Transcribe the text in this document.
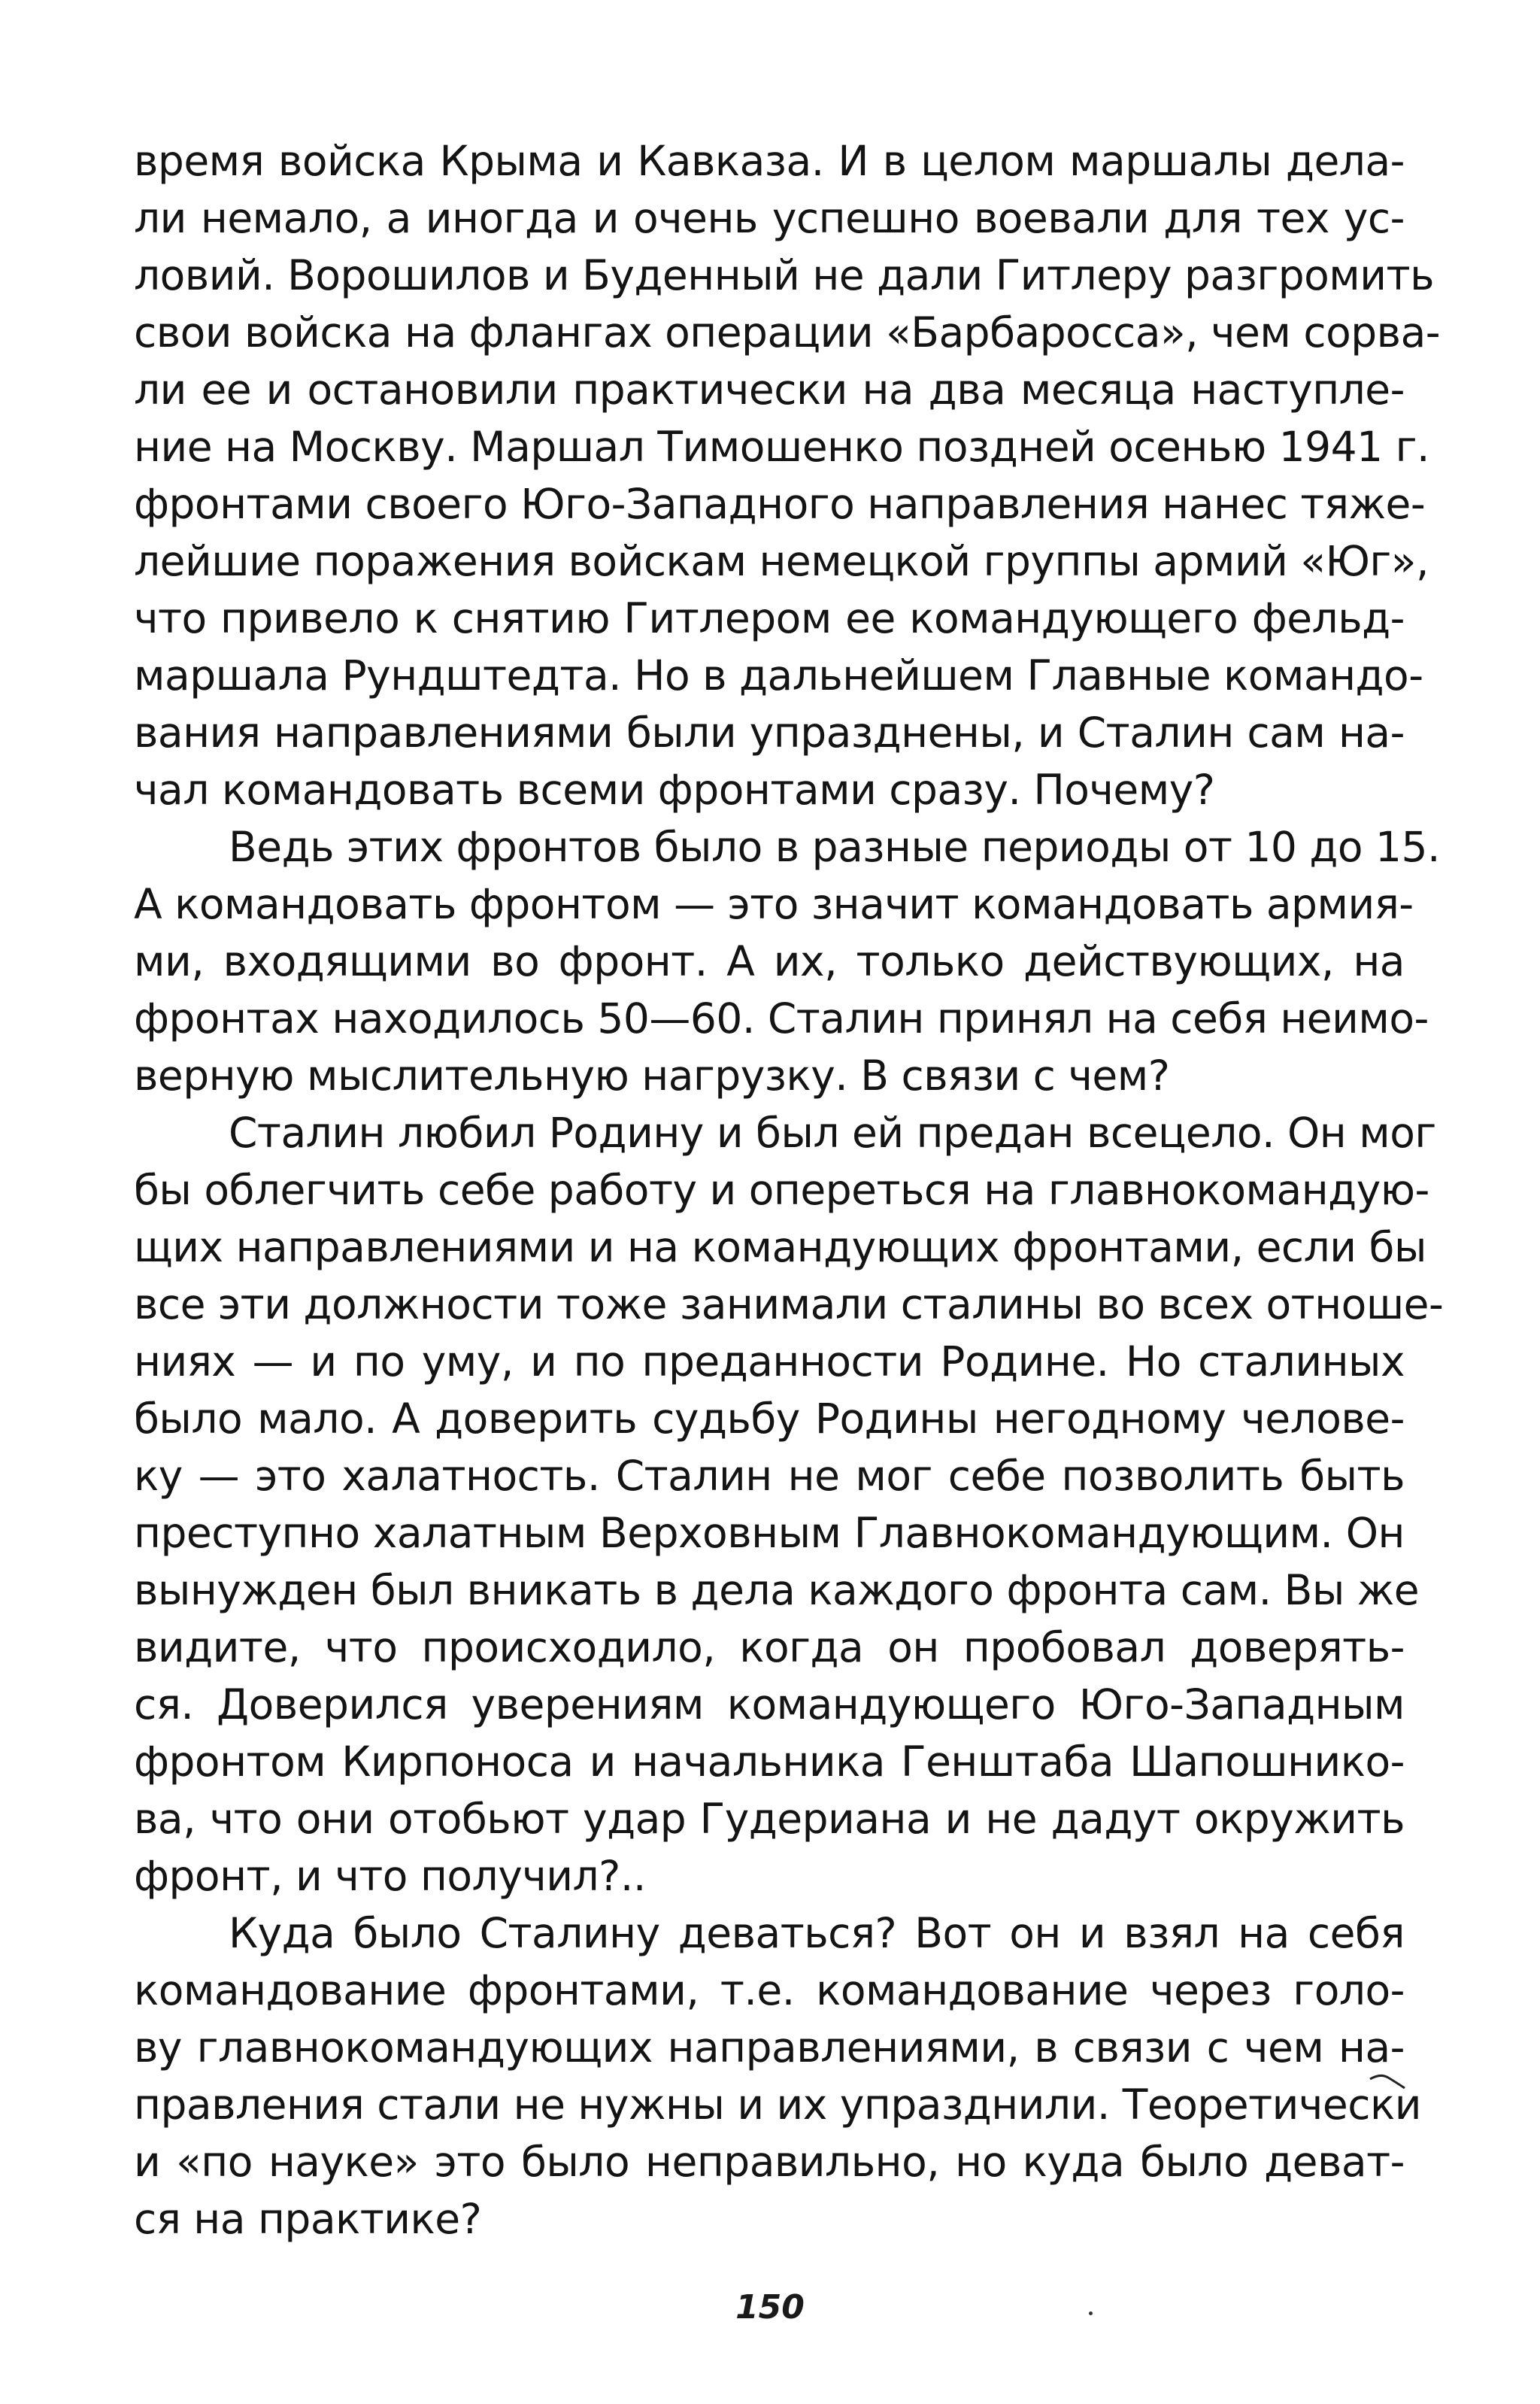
время войска Крыма и Кавказа. И в целом маршалы дела-
ли немало, а иногда и очень успешно воевали для тех ус-
ловий. Ворошилов и Буденный не дали Гитлеру разгромить
свои войска на флангах операции «Барбаросса», чем сорва-
ли ее и остановили практически на два месяца наступле-
ние на Москву. Маршал Тимошенко поздней осенью 1941 г.
фронтами своего Юго-Западного направления нанес тяже-
лейшие поражения войскам немецкой группы армий «Юг»,
что привело к снятию Гитлером ее командующего фельд-
маршала Рундштедта. Но в дальнейшем Главные командо-
вания направлениями были упразднены, и Сталин сам на-
чал командовать всеми фронтами сразу. Почему?
Ведь этих фронтов было в разные периоды от 10 до 15.
А командовать фронтом — это значит командовать армия-
ми, входящими во фронт. А их, только действующих, на
фронтах находилось 50—60. Сталин принял на себя неимо-
верную мыслительную нагрузку. В связи с чем?
Сталин любил Родину и был ей предан всецело. Он мог
бы облегчить себе работу и опереться на главнокомандую-
щих направлениями и на командующих фронтами, если бы
все эти должности тоже занимали сталины во всех отноше-
ниях — и по уму, и по преданности Родине. Но сталиных
было мало. А доверить судьбу Родины негодному челове-
ку — это халатность. Сталин не мог себе позволить быть
преступно халатным Верховным Главнокомандующим. Он
вынужден был вникать в дела каждого фронта сам. Вы же
видите, что происходило, когда он пробовал доверять-
ся. Доверился уверениям командующего Юго-Западным
фронтом Кирпоноса и начальника Генштаба Шапошнико-
ва, что они отобьют удар Гудериана и не дадут окружить
фронт, и что получил?..
Куда было Сталину деваться? Вот он и взял на себя
командование фронтами, т.е. командование через голо-
ву главнокомандующих направлениями, в связи с чем на-
правления стали не нужны и их упразднили. Теоретически
и «по науке» это было неправильно, но куда было деват-
ся на практике?
150
